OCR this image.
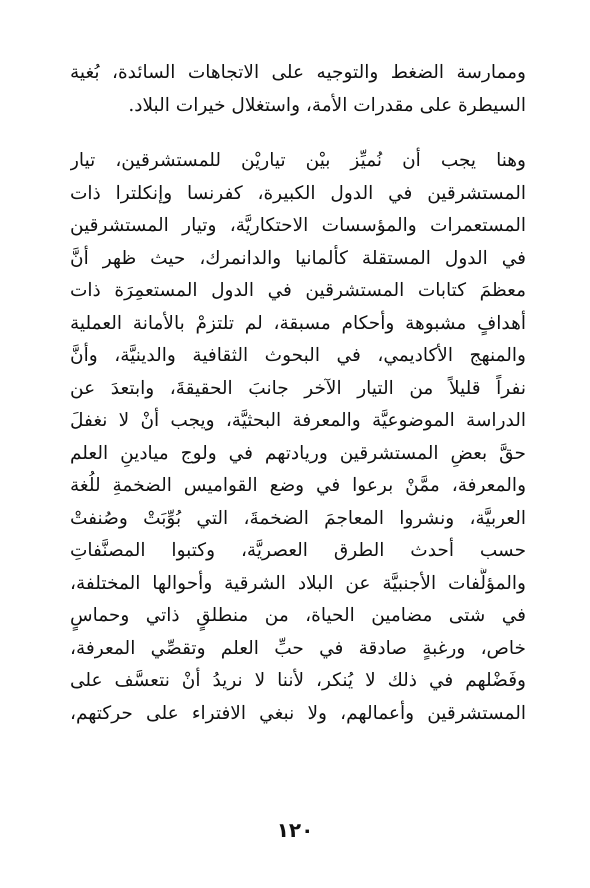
وممارسة الضغط والتوجيه على الاتجاهات السائدة، بُغية
السيطرة على مقدرات الأمة، واستغلال خيرات البلاد.
وهنا يجب أن نُميِّز بيْن تياريْن للمستشرقين، تيار
المستشرقين في الدول الكبيرة، كفرنسا وإنكلترا ذات
المستعمرات والمؤسسات الاحتكاريَّة، وتيار المستشرقين
في الدول المستقلة كألمانيا والدانمرك، حيث ظهر أنَّ
معظمَ كتابات المستشرقين في الدول المستعمِرَة ذات
أهدافٍ مشبوهة وأحكام مسبقة، لم تلتزمْ بالأمانة العملية
والمنهج الأكاديمي، في البحوث الثقافية والدينيَّة، وأنَّ
نفراً قليلاً من التيار الآخر جانبَ الحقيقةَ، وابتعدَ عن
الدراسة الموضوعيَّة والمعرفة البحثيَّة، ويجب أنْ لا نغفلَ
حقَّ بعضِ المستشرقين وريادتهم في ولوج ميادينِ العلم
والمعرفة، ممَّنْ برعوا في وضع القواميس الضخمةِ للُغة
العربيَّة، ونشروا المعاجمَ الضخمةَ، التي بُوِّبَتْ وصُنفتْ
حسب أحدث الطرق العصريَّة، وكتبوا المصنَّفاتِ
والمؤلَّفات الأجنبيَّة عن البلاد الشرقية وأحوالها المختلفة،
في شتى مضامين الحياة، من منطلقٍ ذاتي وحماسٍ
خاص، ورغبةٍ صادقة في حبِّ العلم وتقصِّي المعرفة،
وفَضْلهم في ذلك لا يُنكر، لأننا لا نريدُ أنْ نتعسَّف على
المستشرقين وأعمالهم، ولا نبغي الافتراء على حركتهم،
١٢٠
